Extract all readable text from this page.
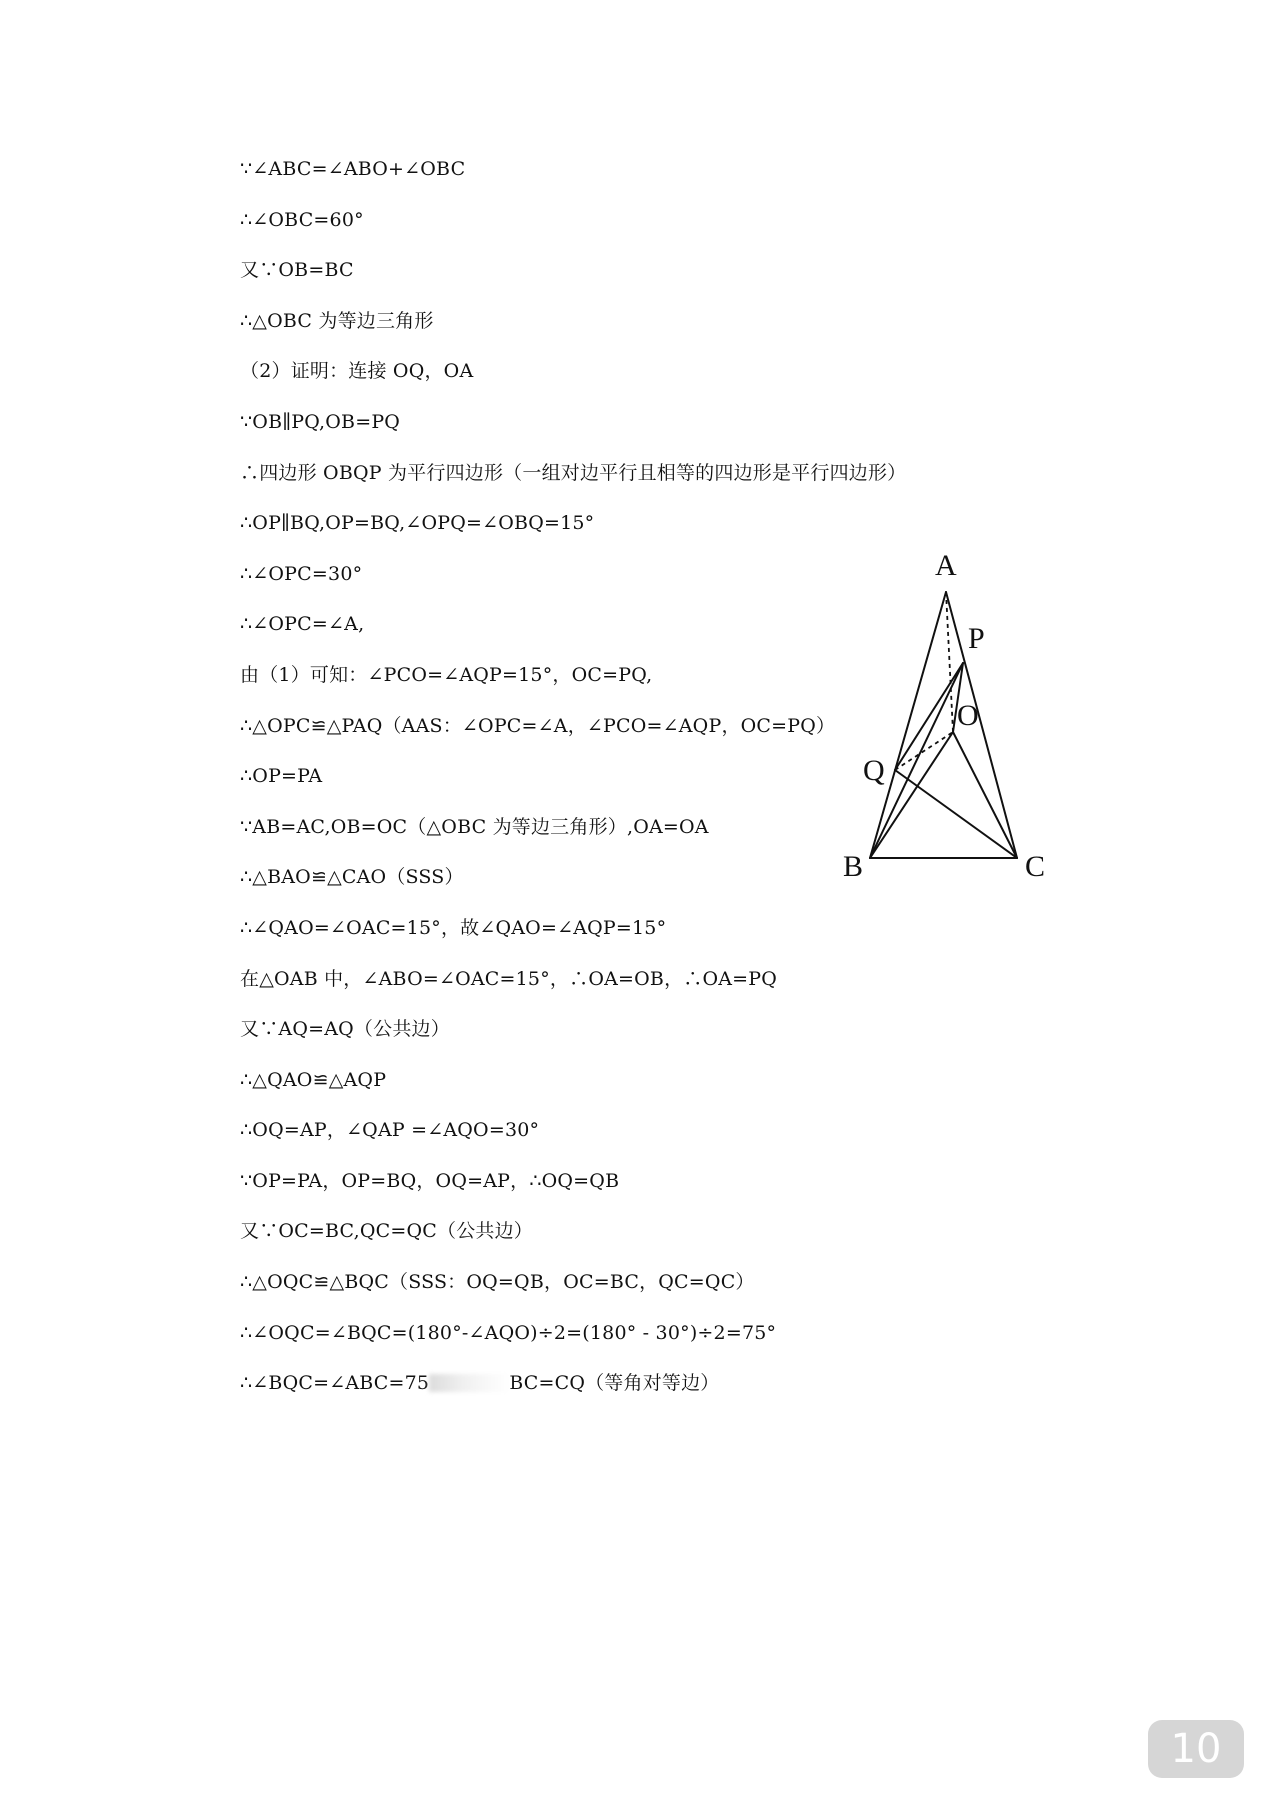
∵∠ABC=∠ABO+∠OBC
∴∠OBC=60°
又∵OB=BC
∴△OBC 为等边三角形
（2）证明：连接 OQ，OA
∵OB∥PQ,OB=PQ
∴四边形 OBQP 为平行四边形（一组对边平行且相等的四边形是平行四边形）
∴OP∥BQ,OP=BQ,∠OPQ=∠OBQ=15°
∴∠OPC=30°
∴∠OPC=∠A,
由（1）可知：∠PCO=∠AQP=15°，OC=PQ,
∴△OPC≌△PAQ（AAS：∠OPC=∠A，∠PCO=∠AQP，OC=PQ）
∴OP=PA
∵AB=AC,OB=OC（△OBC 为等边三角形）,OA=OA
∴△BAO≌△CAO（SSS）
∴∠QAO=∠OAC=15°，故∠QAO=∠AQP=15°
在△OAB 中，∠ABO=∠OAC=15°，∴OA=OB，∴OA=PQ
又∵AQ=AQ（公共边）
∴△QAO≌△AQP
∴OQ=AP，∠QAP =∠AQO=30°
∵OP=PA，OP=BQ，OQ=AP，∴OQ=QB
又∵OC=BC,QC=QC（公共边）
∴△OQC≌△BQC（SSS：OQ=QB，OC=BC，QC=QC）
∴∠OQC=∠BQC=(180°-∠AQO)÷2=(180° - 30°)÷2=75°
∴∠BQC=∠ABC=75	BC=CQ（等角对等边）
A
P
O
Q
B	C
10
